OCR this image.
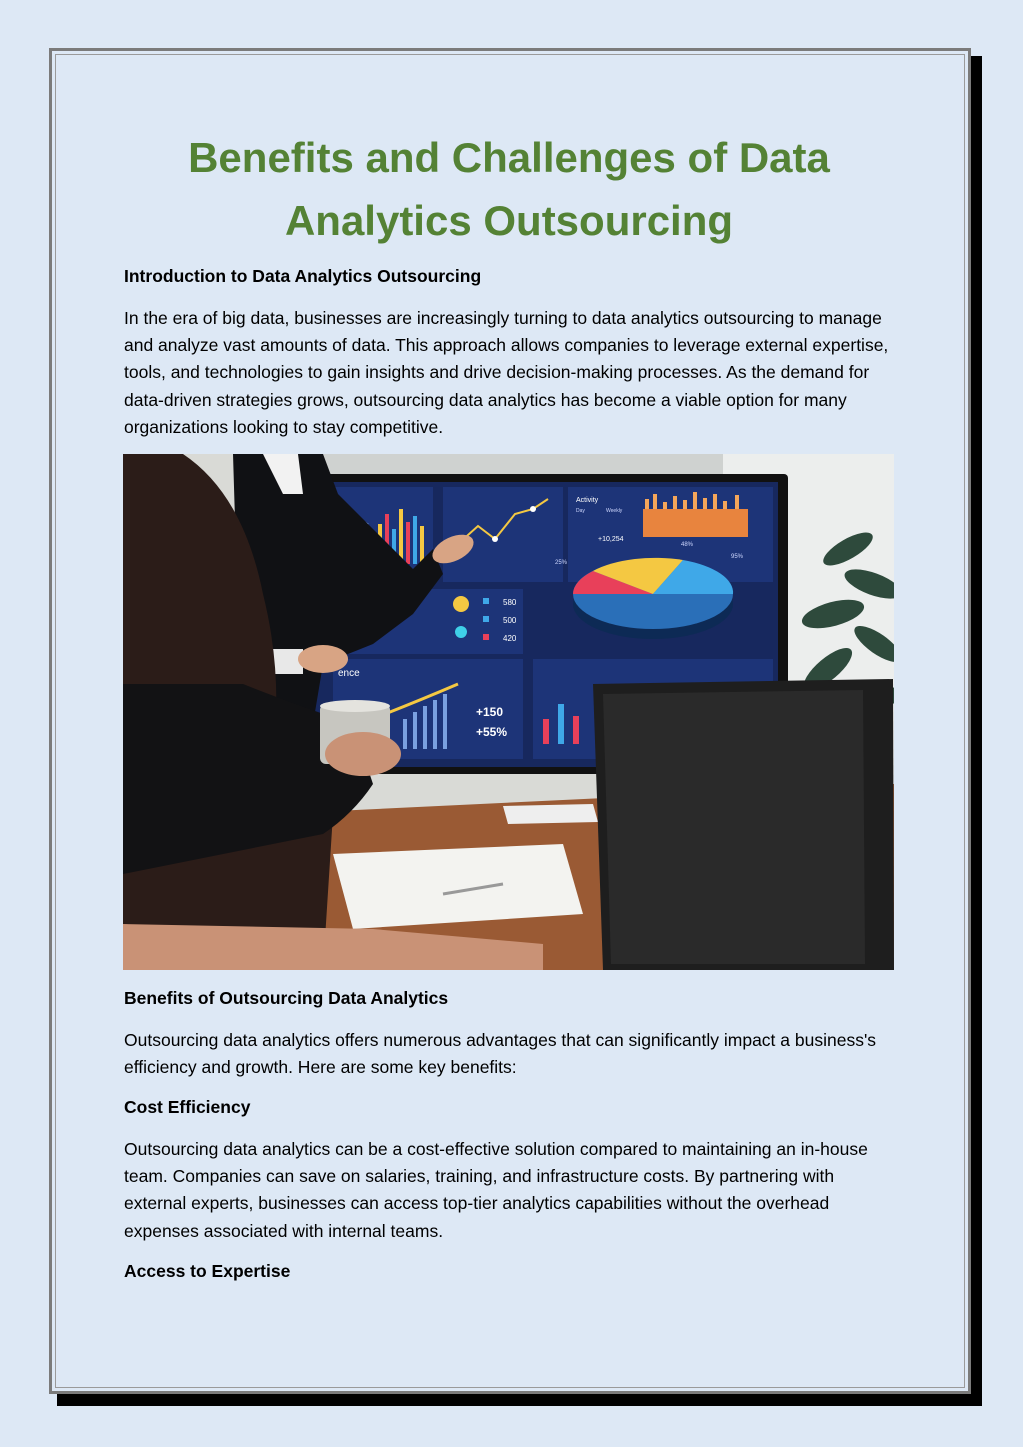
Benefits and Challenges of Data Analytics Outsourcing
Introduction to Data Analytics Outsourcing

In the era of big data, businesses are increasingly turning to data analytics outsourcing to manage and analyze vast amounts of data. This approach allows companies to leverage external expertise, tools, and technologies to gain insights and drive decision-making processes. As the demand for data-driven strategies grows, outsourcing data analytics has become a viable option for many organizations looking to stay competitive.

Activity
Day	Weekly
+10,254
48%
25%
95%
580
500
420
ence
+150
+55%
Benefits of Outsourcing Data Analytics

Outsourcing data analytics offers numerous advantages that can significantly impact a business's efficiency and growth. Here are some key benefits:

Cost Efficiency

Outsourcing data analytics can be a cost-effective solution compared to maintaining an in-house team. Companies can save on salaries, training, and infrastructure costs. By partnering with external experts, businesses can access top-tier analytics capabilities without the overhead expenses associated with internal teams.

Access to Expertise
